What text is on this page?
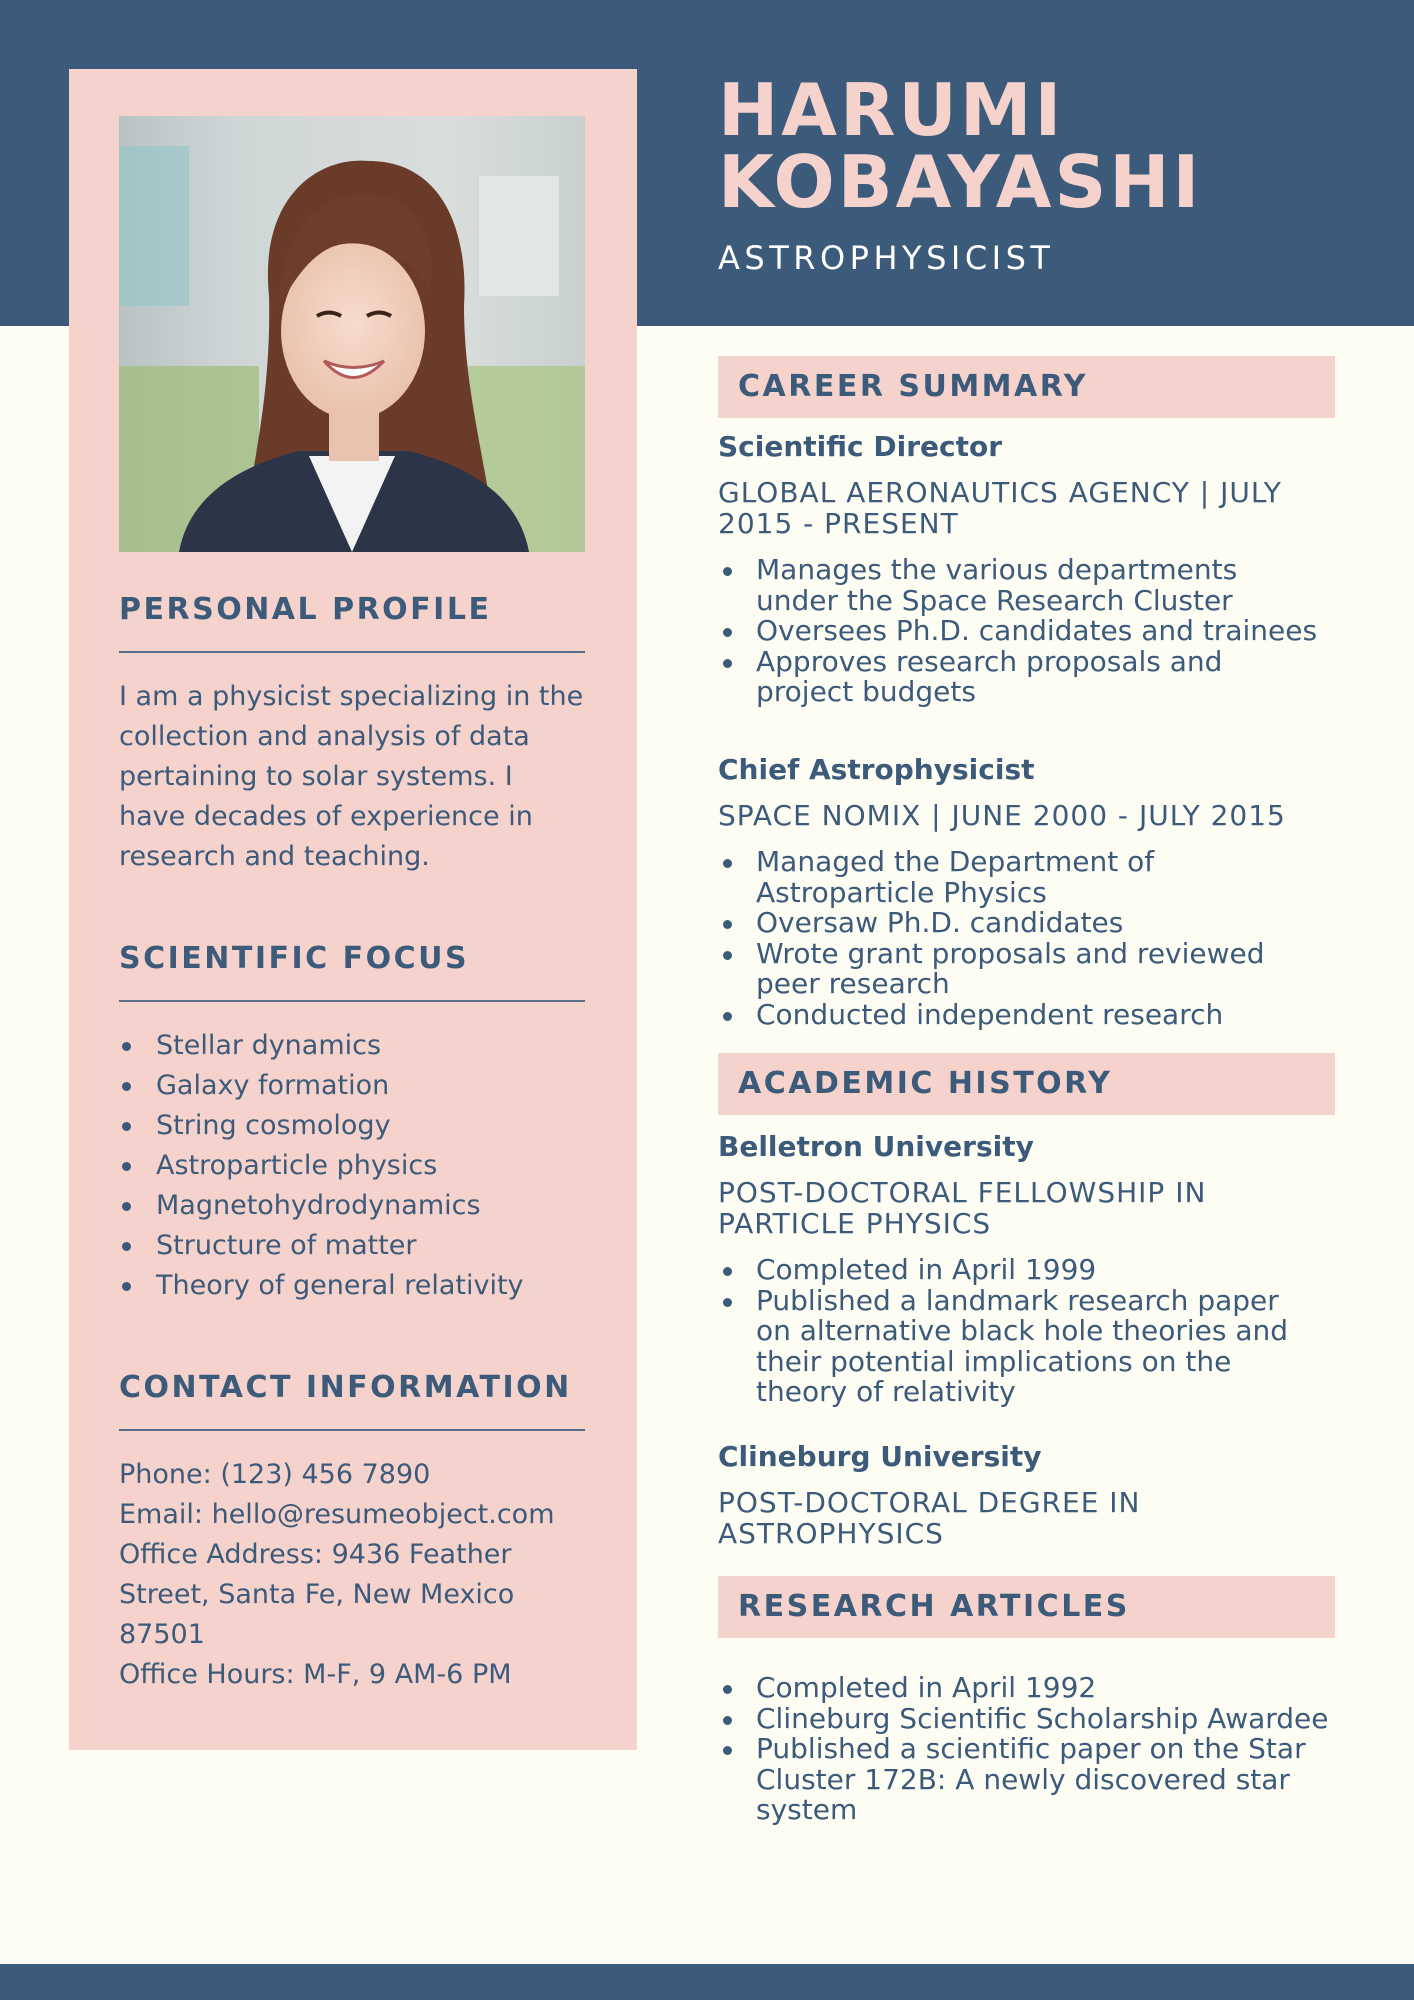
PERSONAL PROFILE

I am a physicist specializing in the collection and analysis of data pertaining to solar systems. I have decades of experience in research and teaching.

SCIENTIFIC FOCUS
Stellar dynamics
Galaxy formation
String cosmology
Astroparticle physics
Magnetohydrodynamics
Structure of matter
Theory of general relativity
CONTACT INFORMATION
Phone: (123) 456 7890
Email: hello@resumeobject.com
Office Address: 9436 Feather
Street, Santa Fe, New Mexico
87501
Office Hours: M-F, 9 AM-6 PM
HARUMI
KOBAYASHI
ASTROPHYSICIST
CAREER SUMMARY
Scientific Director
GLOBAL AERONAUTICS AGENCY | JULY 2015 - PRESENT
Manages the various departments under the Space Research Cluster
Oversees Ph.D. candidates and trainees
Approves research proposals and project budgets
Chief Astrophysicist
SPACE NOMIX | JUNE 2000 - JULY 2015
Managed the Department of Astroparticle Physics
Oversaw Ph.D. candidates
Wrote grant proposals and reviewed peer research
Conducted independent research
ACADEMIC HISTORY
Belletron University
POST-DOCTORAL FELLOWSHIP IN PARTICLE PHYSICS
Completed in April 1999
Published a landmark research paper on alternative black hole theories and their potential implications on the theory of relativity
Clineburg University
POST-DOCTORAL DEGREE IN ASTROPHYSICS
RESEARCH ARTICLES
Completed in April 1992
Clineburg Scientific Scholarship Awardee
Published a scientific paper on the Star Cluster 172B: A newly discovered star system
